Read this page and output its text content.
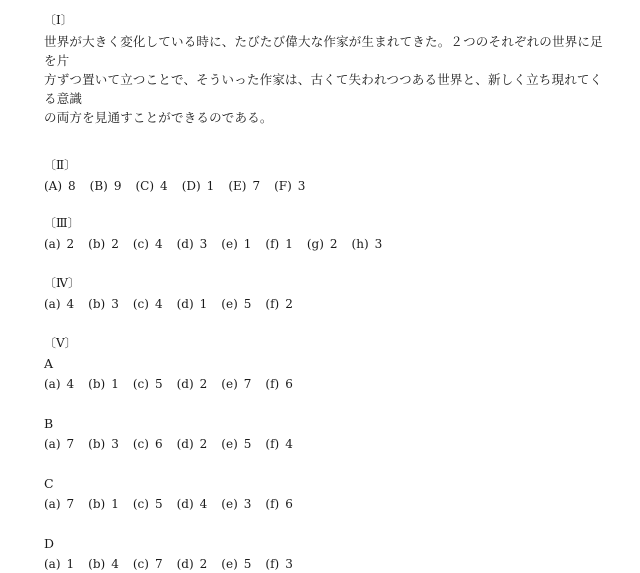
〔Ⅰ〕
世界が大きく変化している時に、たびたび偉大な作家が生まれてきた。２つのそれぞれの世界に足を片
方ずつ置いて立つことで、そういった作家は、古くて失われつつある世界と、新しく立ち現れてくる意識
の両方を見通すことができるのである。
〔Ⅱ〕
(A) 8 (B) 9 (C) 4 (D) 1 (E) 7 (F) 3
〔Ⅲ〕
(a) 2 (b) 2 (c) 4 (d) 3 (e) 1 (f) 1 (g) 2 (h) 3
〔Ⅳ〕
(a) 4 (b) 3 (c) 4 (d) 1 (e) 5 (f) 2
〔Ⅴ〕
A
(a) 4 (b) 1 (c) 5 (d) 2 (e) 7 (f) 6
B
(a) 7 (b) 3 (c) 6 (d) 2 (e) 5 (f) 4
C
(a) 7 (b) 1 (c) 5 (d) 4 (e) 3 (f) 6
D
(a) 1 (b) 4 (c) 7 (d) 2 (e) 5 (f) 3
